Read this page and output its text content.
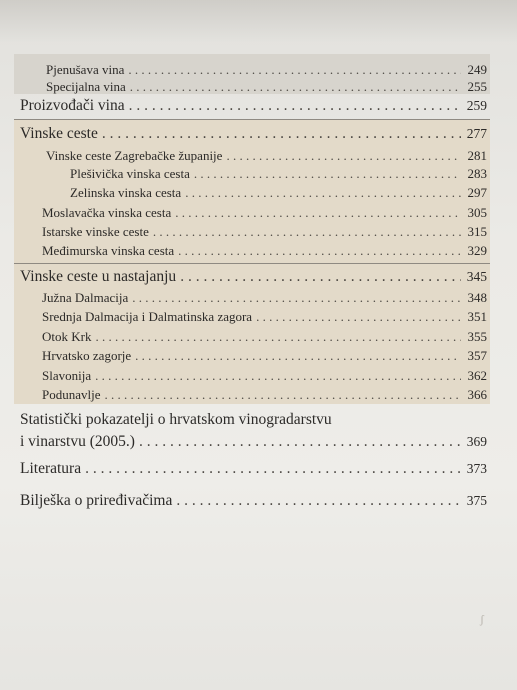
Pjenušava vina . . .	249
Specijalna vina . . .	255
Proizvođači vina . . .	259
Vinske ceste . . .	277
Vinske ceste Zagrebačke županije . . .	281
Plešivička vinska cesta . . .	283
Zelinska vinska cesta . . .	297
Moslavačka vinska cesta . . .	305
Istarske vinske ceste . . .	315
Međimurska vinska cesta . . .	329
Vinske ceste u nastajanju . . .	345
Južna Dalmacija . . .	348
Srednja Dalmacija i Dalmatinska zagora . . .	351
Otok Krk . . .	355
Hrvatsko zagorje . . .	357
Slavonija . . .	362
Podunavlje . . .	366
Statistički pokazatelji o hrvatskom vinogradarstvu
i vinarstvu (2005.) . . .	369
Literatura . . .	373
Bilješka o priređivačima . . .	375
ʃ
